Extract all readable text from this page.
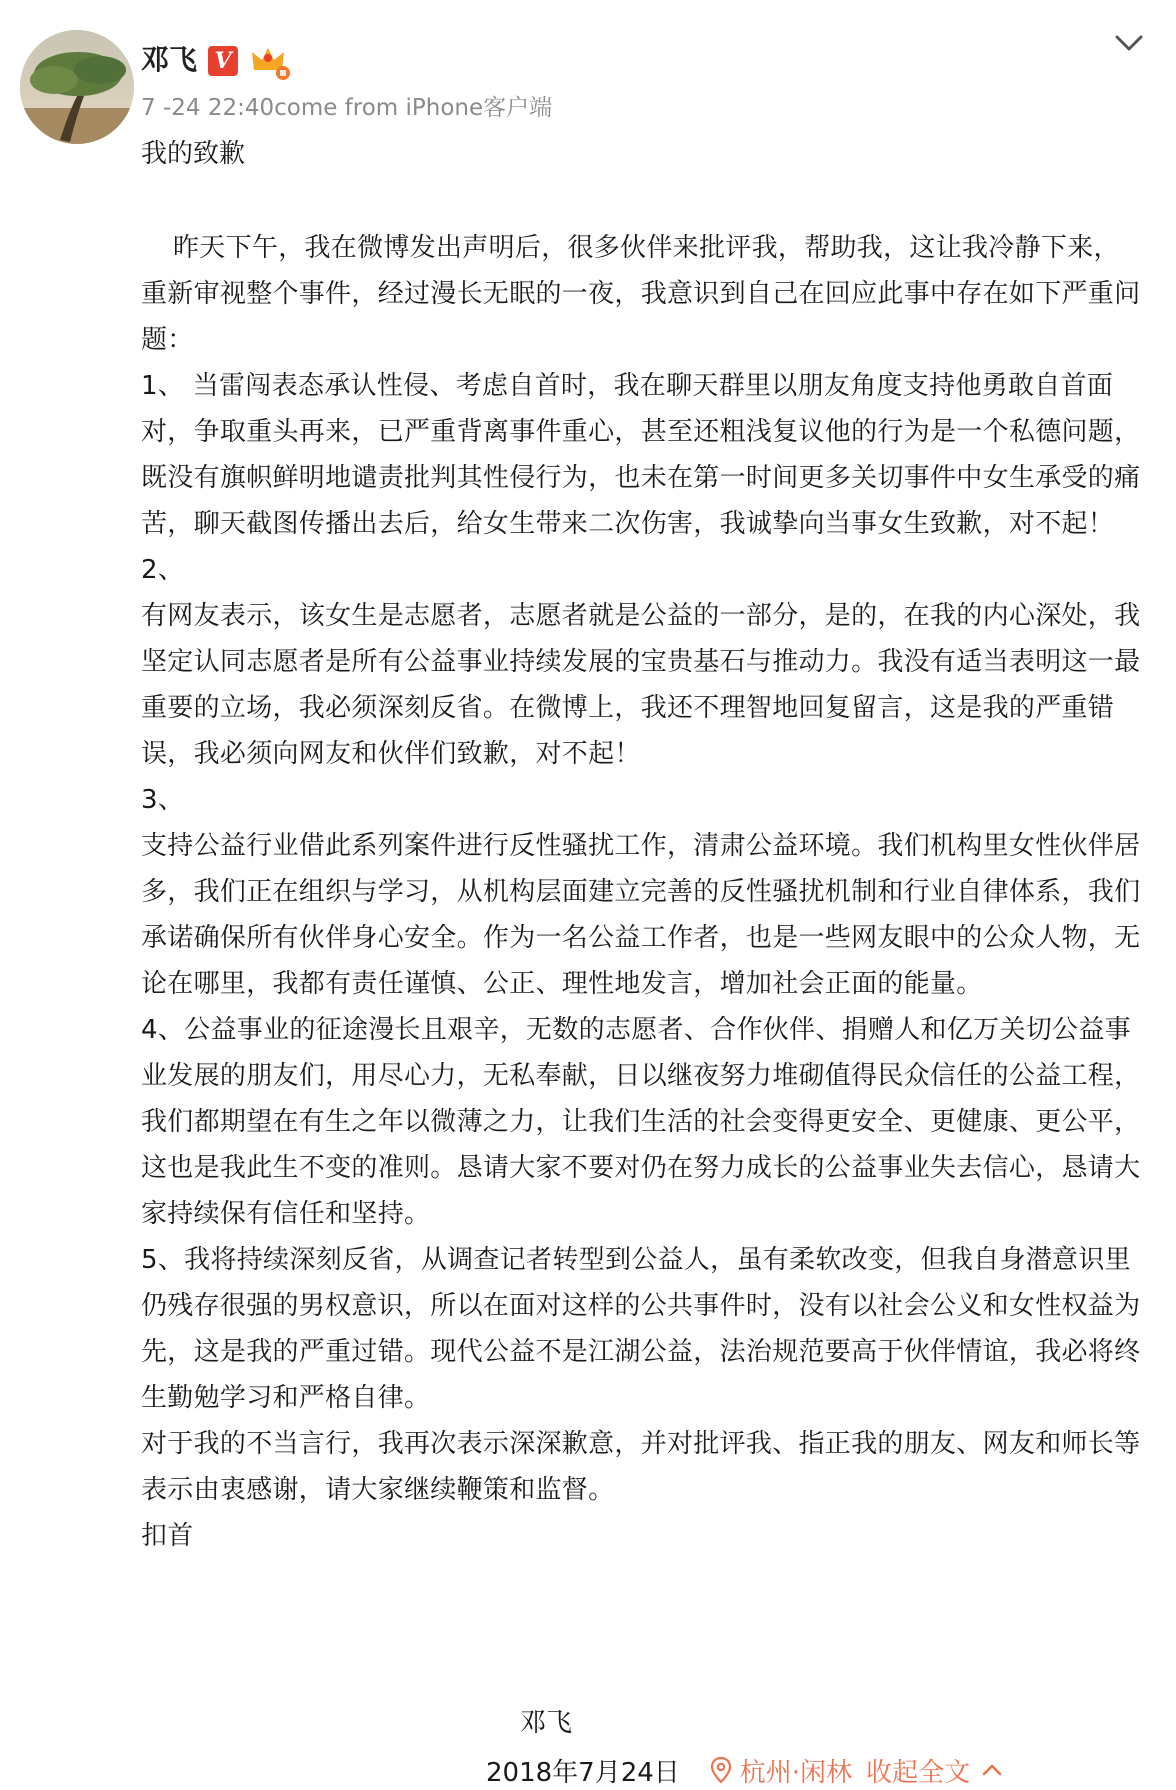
邓飞 V
7 -24 22:40come from iPhone客户端
我的致歉

昨天下午，我在微博发出声明后，很多伙伴来批评我，帮助我，这让我冷静下来，重新审视整个事件，经过漫长无眠的一夜，我意识到自己在回应此事中存在如下严重问题：

1、 当雷闯表态承认性侵、考虑自首时，我在聊天群里以朋友角度支持他勇敢自首面对，争取重头再来，已严重背离事件重心，甚至还粗浅复议他的行为是一个私德问题，既没有旗帜鲜明地谴责批判其性侵行为，也未在第一时间更多关切事件中女生承受的痛苦，聊天截图传播出去后，给女生带来二次伤害，我诚挚向当事女生致歉，对不起！

2、

有网友表示，该女生是志愿者，志愿者就是公益的一部分，是的，在我的内心深处，我坚定认同志愿者是所有公益事业持续发展的宝贵基石与推动力。我没有适当表明这一最重要的立场，我必须深刻反省。在微博上，我还不理智地回复留言，这是我的严重错误，我必须向网友和伙伴们致歉，对不起！

3、

支持公益行业借此系列案件进行反性骚扰工作，清肃公益环境。我们机构里女性伙伴居多，我们正在组织与学习，从机构层面建立完善的反性骚扰机制和行业自律体系，我们承诺确保所有伙伴身心安全。作为一名公益工作者，也是一些网友眼中的公众人物，无论在哪里，我都有责任谨慎、公正、理性地发言，增加社会正面的能量。

4、公益事业的征途漫长且艰辛，无数的志愿者、合作伙伴、捐赠人和亿万关切公益事业发展的朋友们，用尽心力，无私奉献，日以继夜努力堆砌值得民众信任的公益工程，我们都期望在有生之年以微薄之力，让我们生活的社会变得更安全、更健康、更公平，这也是我此生不变的准则。恳请大家不要对仍在努力成长的公益事业失去信心，恳请大家持续保有信任和坚持。

5、我将持续深刻反省，从调查记者转型到公益人，虽有柔软改变，但我自身潜意识里仍残存很强的男权意识，所以在面对这样的公共事件时，没有以社会公义和女性权益为先，这是我的严重过错。现代公益不是江湖公益，法治规范要高于伙伴情谊，我必将终生勤勉学习和严格自律。

对于我的不当言行，我再次表示深深歉意，并对批评我、指正我的朋友、网友和师长等表示由衷感谢，请大家继续鞭策和监督。

扣首

邓飞
2018年7月24日 杭州·闲林 收起全文
